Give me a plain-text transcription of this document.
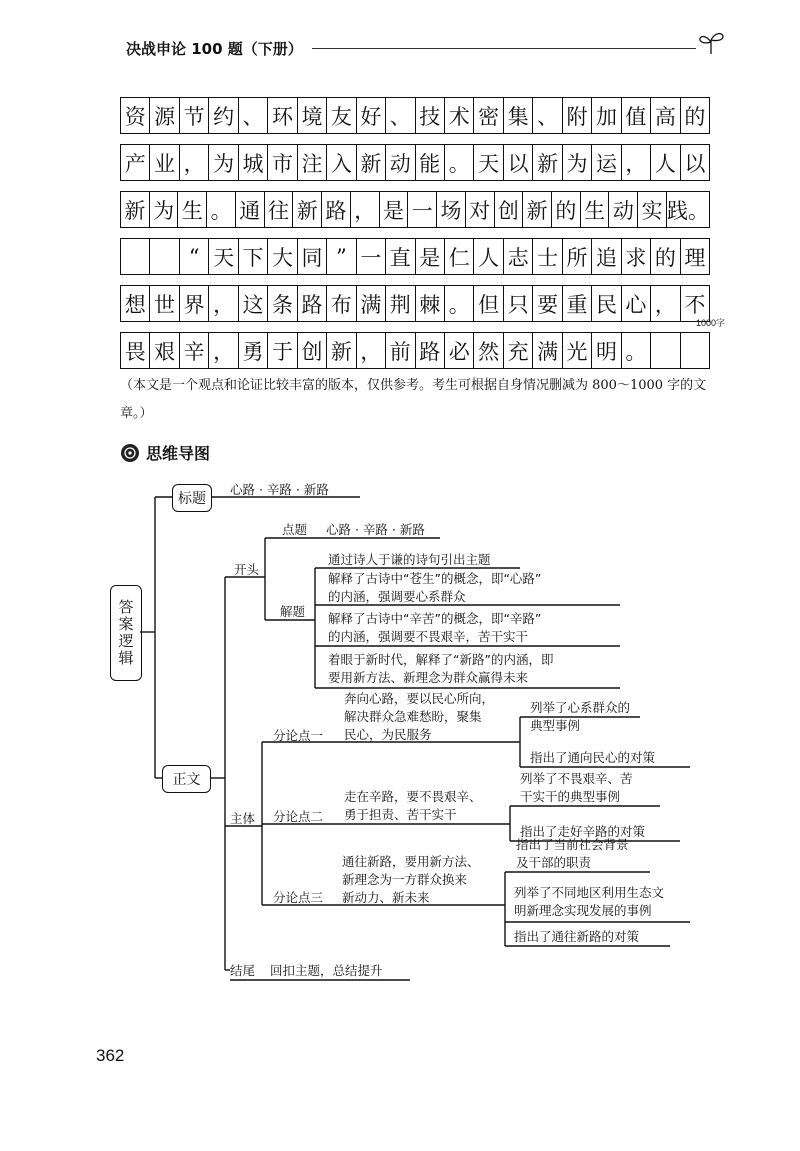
决战申论 100 题（下册）
资 源 节 约 、 环 境 友 好 、 技 术 密 集 、 附 加 值 高 的
产 业 ， 为 城 市 注 入 新 动 能 。 天 以 新 为 运 ， 人 以
新 为 生 。 通 往 新 路 ， 是 一 场 对 创 新 的 生 动 实 践。
“ 天 下 大 同 ” 一 直 是 仁 人 志 士 所 追 求 的 理
想 世 界 ， 这 条 路 布 满 荆 棘 。 但 只 要 重 民 心 ， 不
1000字
畏 艰 辛 ， 勇 于 创 新 ， 前 路 必 然 充 满 光 明 。
（本文是一个观点和论证比较丰富的版本，仅供参考。考生可根据自身情况删减为 800～1000 字的文章。）
思维导图
答案逻辑
标题
心路 · 辛路 · 新路
正文
开头
点题 心路 · 辛路 · 新路
解题
通过诗人于谦的诗句引出主题
解释了古诗中“苍生”的概念，即“心路”
的内涵，强调要心系群众
解释了古诗中“辛苦”的概念，即“辛路”
的内涵，强调要不畏艰辛，苦干实干
着眼于新时代，解释了“新路”的内涵，即
要用新方法、新理念为群众赢得未来
主体
分论点一
奔向心路，要以民心所向，
解决群众急难愁盼，聚集
民心，为民服务
列举了心系群众的
典型事例
指出了通向民心的对策
分论点二
走在辛路，要不畏艰辛、
勇于担责、苦干实干
列举了不畏艰辛、苦
干实干的典型事例
指出了走好辛路的对策
分论点三
通往新路，要用新方法、
新理念为一方群众换来
新动力、新未来
指出了当前社会背景
及干部的职责
列举了不同地区利用生态文
明新理念实现发展的事例
指出了通往新路的对策
结尾 回扣主题，总结提升
362
